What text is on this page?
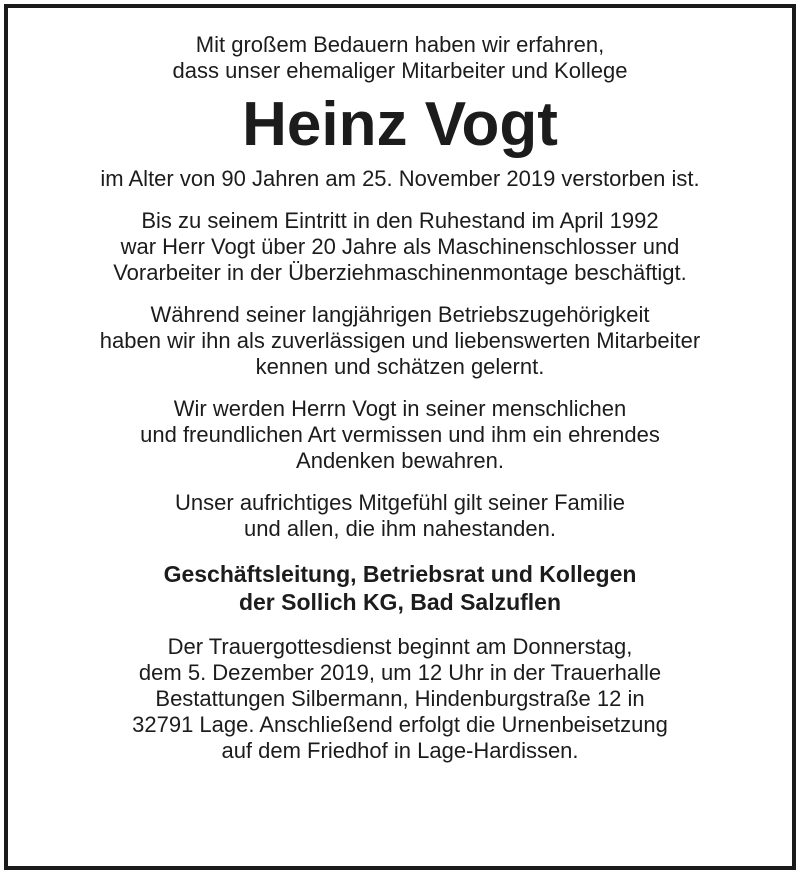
Mit großem Bedauern haben wir erfahren,
dass unser ehemaliger Mitarbeiter und Kollege
Heinz Vogt
im Alter von 90 Jahren am 25. November 2019 verstorben ist.
Bis zu seinem Eintritt in den Ruhestand im April 1992
war Herr Vogt über 20 Jahre als Maschinenschlosser und
Vorarbeiter in der Überziehmaschinenmontage beschäftigt.
Während seiner langjährigen Betriebszugehörigkeit
haben wir ihn als zuverlässigen und liebenswerten Mitarbeiter
kennen und schätzen gelernt.
Wir werden Herrn Vogt in seiner menschlichen
und freundlichen Art vermissen und ihm ein ehrendes
Andenken bewahren.
Unser aufrichtiges Mitgefühl gilt seiner Familie
und allen, die ihm nahestanden.
Geschäftsleitung, Betriebsrat und Kollegen
der Sollich KG, Bad Salzuflen
Der Trauergottesdienst beginnt am Donnerstag,
dem 5. Dezember 2019, um 12 Uhr in der Trauerhalle
Bestattungen Silbermann, Hindenburgstraße 12 in
32791 Lage. Anschließend erfolgt die Urnenbeisetzung
auf dem Friedhof in Lage-Hardissen.
